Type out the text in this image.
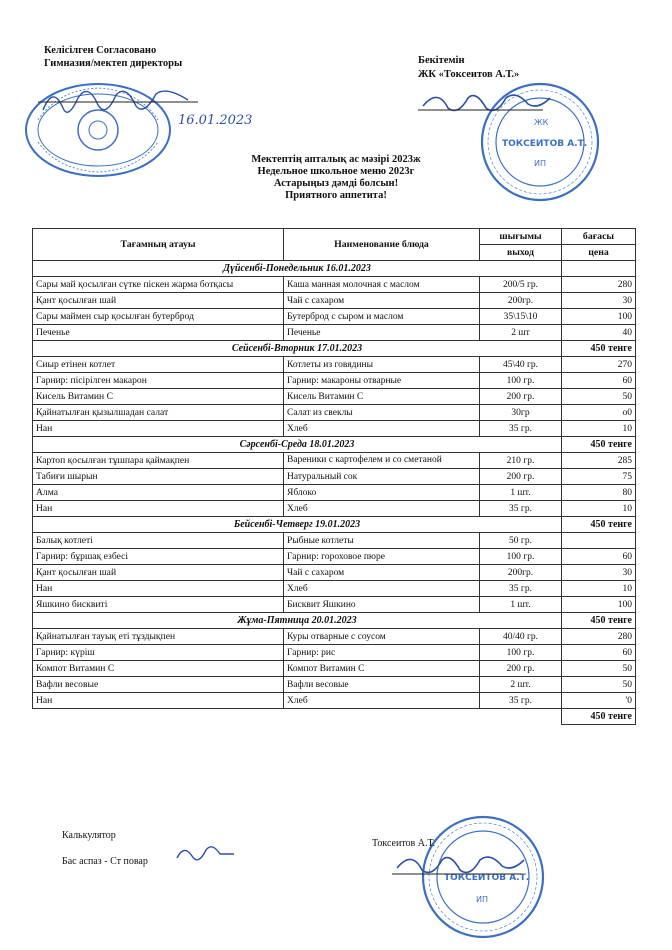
Келісілген Согласовано
Гимназия/мектеп директоры	Бекітемін
ЖК «Токсеитов А.Т.»
16.01.2023	ЖК
ТОКСЕИТОВ А.Т.
ИП
Мектептің апталық ас мәзірі 2023ж
Недельное школьное меню 2023г
Астарыңыз дәмді болсын!
Приятного аппетита!
Тағамның атауы	Наименование блюда	шығымы	бағасы
		выход	цена
Дүйсенбі-Понедельник 16.01.2023			
Сары май қосылған сүтке піскен жарма ботқасы	Каша манная молочная с маслом	200/5 гр.	280
Қант қосылған шай	Чай с сахаром	200гр.	30
Сары маймен сыр қосылған бутерброд	Бутерброд с сыром и маслом	35\15\10	100
Печенье	Печенье	2 шт	40
Сейсенбі-Вторник 17.01.2023			450 тенге
Сиыр етінен котлет	Котлеты из говядины	45\40 гр.	270
Гарнир: пісірілген макарон	Гарнир: макароны отварные	100 гр.	60
Кисель Витамин С	Кисель Витамин С	200 гр.	50
Қайнатылған қызылшадан салат	Салат из свеклы	30гр	о0
Нан	Хлеб	35 гр.	10
Сәрсенбі-Среда 18.01.2023			450 тенге
Картоп қосылған тұшпара қаймақпен	Вареники с картофелем и со сметаной	210 гр.	285
Табиғи шырын	Натуральный сок	200 гр.	75
Алма	Яблоко	1 шт.	80
Нан	Хлеб	35 гр.	10
Бейсенбі-Четверг 19.01.2023			450 тенге
Балық котлеті	Рыбные котлеты	50 гр.	
Гарнир: бұршақ езбесі	Гарнир: гороховое пюре	100 гр.	60
Қант қосылған шай	Чай с сахаром	200гр.	30
Нан	Хлеб	35 гр.	10
Яшкино бисквиті	Бисквит Яшкино	1 шт.	100
Жұма-Пятница 20.01.2023			450 тенге
Қайнатылған тауық еті тұздықпен	Куры отварные с соусом	40/40 гр.	280
Гарнир: күріш	Гарнир: рис	100 гр.	60
Компот Витамин С	Компот Витамин С	200 гр.	50
Вафли весовые	Вафли весовые	2 шт.	50
Нан	Хлеб	35 гр.	'0
			450 тенге
ТОКСЕИТОВ А.Т.
ИП
Калькулятор
Бас аспаз - Ст повар
Токсеитов А.Т.
